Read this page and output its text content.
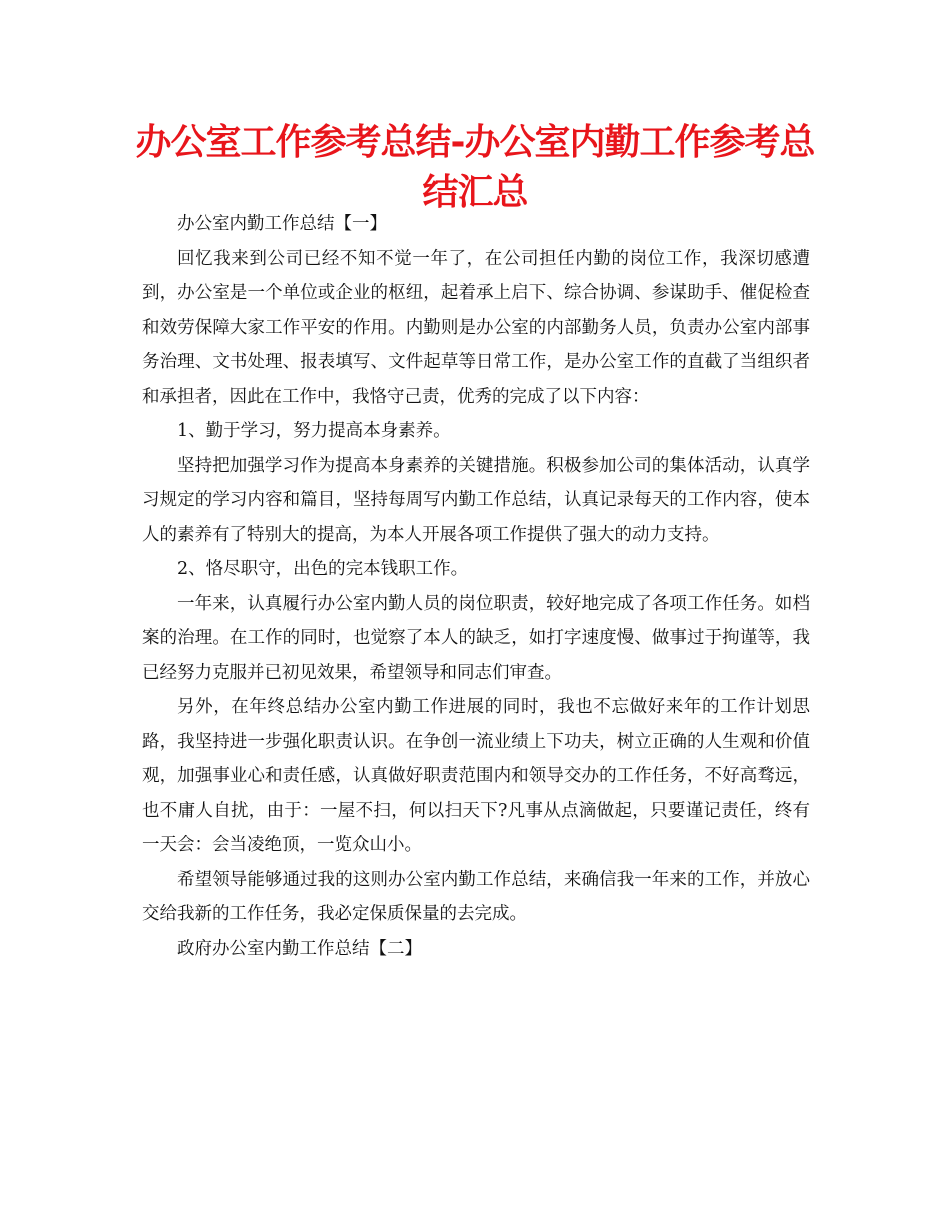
办公室工作参考总结-办公室内勤工作参考总结汇总

办公室内勤工作总结【一】

回忆我来到公司已经不知不觉一年了，在公司担任内勤的岗位工作，我深切感遭到，办公室是一个单位或企业的枢纽，起着承上启下、综合协调、参谋助手、催促检查和效劳保障大家工作平安的作用。内勤则是办公室的内部勤务人员，负责办公室内部事务治理、文书处理、报表填写、文件起草等日常工作，是办公室工作的直截了当组织者和承担者，因此在工作中，我恪守己责，优秀的完成了以下内容：

1、勤于学习，努力提高本身素养。

坚持把加强学习作为提高本身素养的关键措施。积极参加公司的集体活动，认真学习规定的学习内容和篇目，坚持每周写内勤工作总结，认真记录每天的工作内容，使本人的素养有了特别大的提高，为本人开展各项工作提供了强大的动力支持。

2、恪尽职守，出色的完本钱职工作。

一年来，认真履行办公室内勤人员的岗位职责，较好地完成了各项工作任务。如档案的治理。在工作的同时，也觉察了本人的缺乏，如打字速度慢、做事过于拘谨等，我已经努力克服并已初见效果，希望领导和同志们审查。

另外，在年终总结办公室内勤工作进展的同时，我也不忘做好来年的工作计划思路，我坚持进一步强化职责认识。在争创一流业绩上下功夫，树立正确的人生观和价值观，加强事业心和责任感，认真做好职责范围内和领导交办的工作任务，不好高骛远，也不庸人自扰，由于：一屋不扫，何以扫天下?凡事从点滴做起，只要谨记责任，终有一天会：会当凌绝顶，一览众山小。

希望领导能够通过我的这则办公室内勤工作总结，来确信我一年来的工作，并放心交给我新的工作任务，我必定保质保量的去完成。

政府办公室内勤工作总结【二】
